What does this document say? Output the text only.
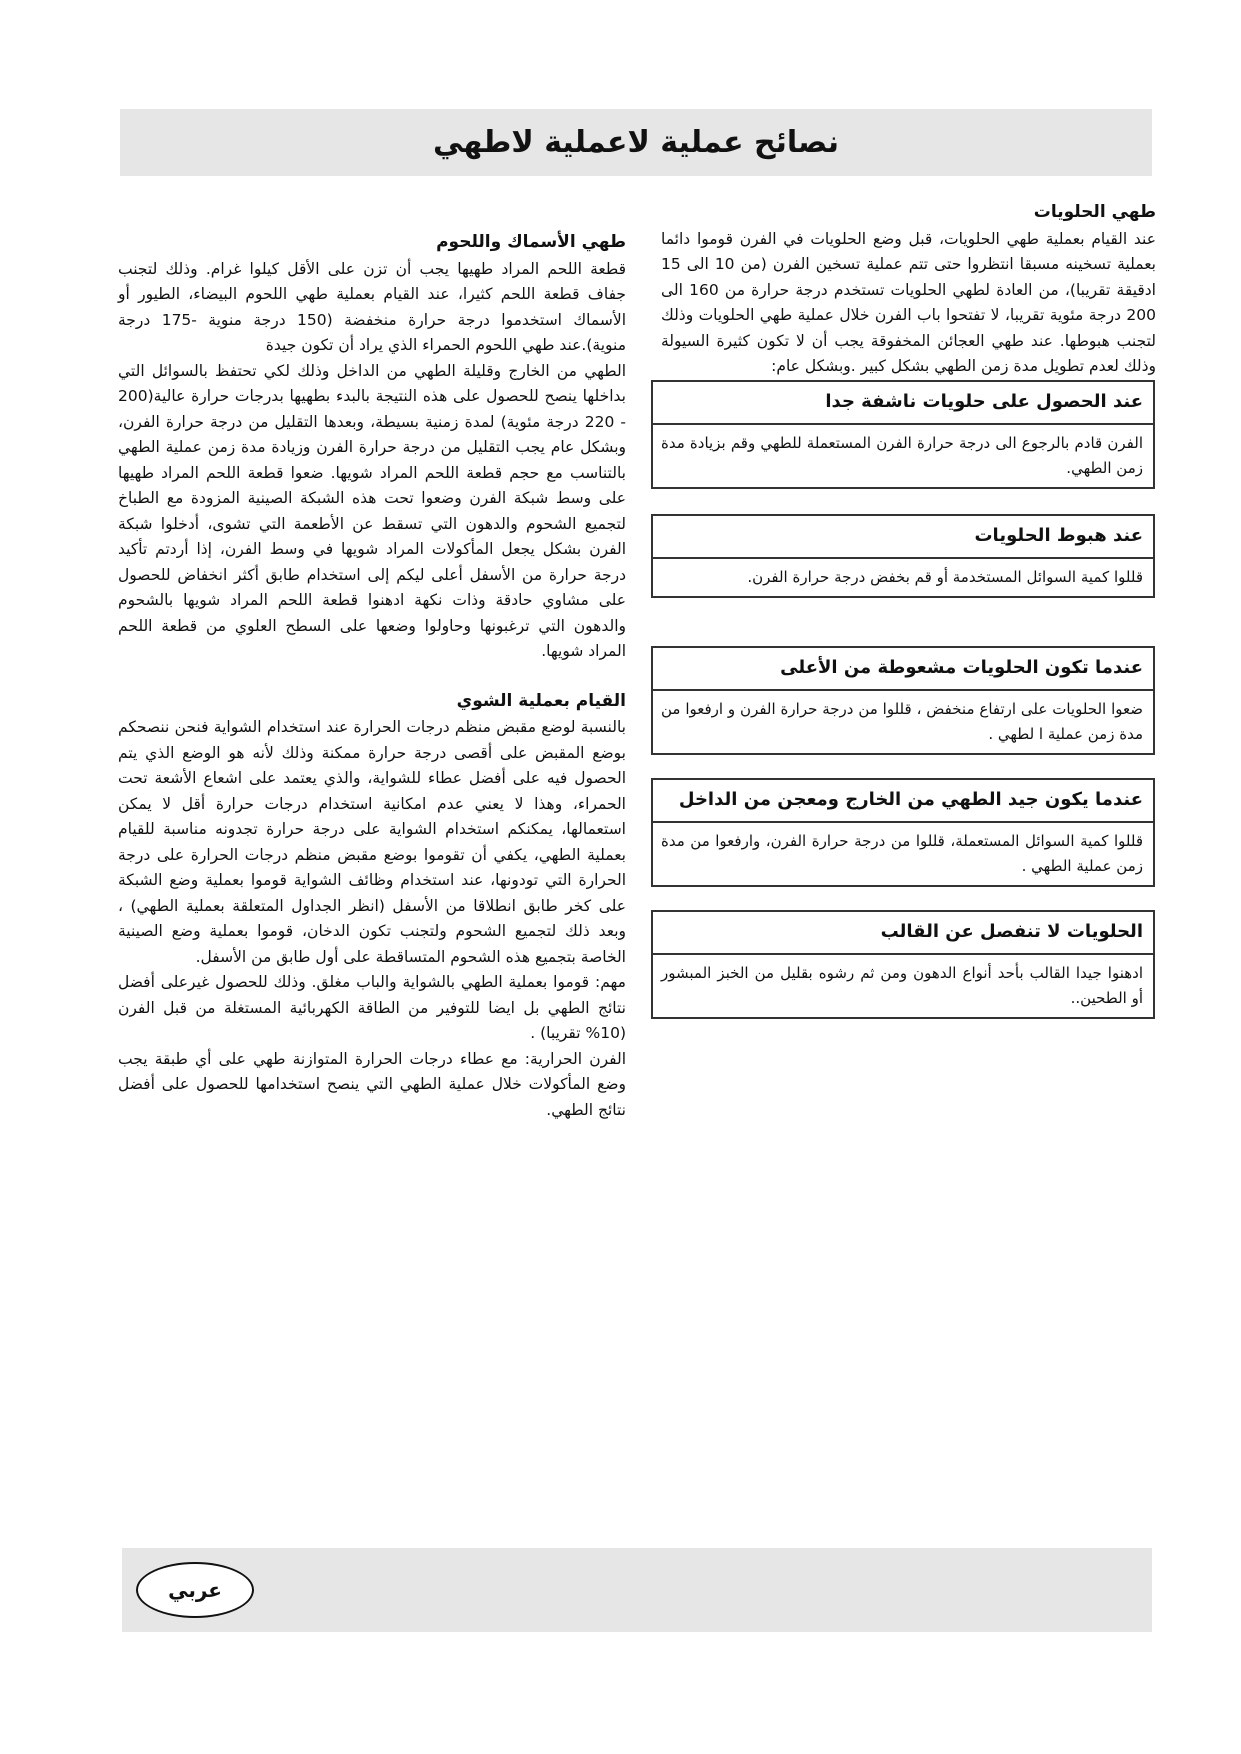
نصائح عملية لاعملية لاطهي
طهي الحلويات

عند القيام بعملية طهي الحلويات، قبل وضع الحلويات في الفرن قوموا دائما بعملية تسخينه مسبقا انتظروا حتى تتم عملية تسخين الفرن (من 10 الى 15 ادقيقة تقريبا)، من العادة لطهي الحلويات تستخدم درجة حرارة من 160 الى 200 درجة مئوية تقريبا، لا تفتحوا باب الفرن خلال عملية طهي الحلويات وذلك لتجنب هبوطها. عند طهي العجائن المخفوقة يجب أن لا تكون كثيرة السيولة وذلك لعدم تطويل مدة زمن الطهي بشكل كبير .وبشكل عام:

عند الحصول على حلويات ناشفة جدا
الفرن قادم بالرجوع الى درجة حرارة الفرن المستعملة للطهي وقم بزيادة مدة زمن الطهي.
عند هبوط الحلويات
قللوا كمية السوائل المستخدمة أو قم بخفض درجة حرارة الفرن.
عندما تكون الحلويات مشعوطة من الأعلى
ضعوا الحلويات على ارتفاع منخفض ، قللوا من درجة حرارة الفرن و ارفعوا من مدة زمن عملية ا لطهي .
عندما يكون جيد الطهي من الخارج ومعجن من الداخل
قللوا كمية السوائل المستعملة، قللوا من درجة حرارة الفرن، وارفعوا من مدة زمن عملية الطهي .
الحلويات لا تنفصل عن القالب
ادهنوا جيدا القالب بأحد أنواع الدهون ومن ثم رشوه بقليل من الخبز المبشور أو الطحين..
طهي الأسماك واللحوم

قطعة اللحم المراد طهيها يجب أن تزن على الأقل كيلوا غرام. وذلك لتجنب جفاف قطعة اللحم كثيرا، عند القيام بعملية طهي اللحوم البيضاء، الطيور أو الأسماك استخدموا درجة حرارة منخفضة (150 درجة منوية -175 درجة منوية).عند طهي اللحوم الحمراء الذي يراد أن تكون جيدة

الطهي من الخارج وقليلة الطهي من الداخل وذلك لكي تحتفظ بالسوائل التي بداخلها ينصح للحصول على هذه النتيجة بالبدء بطهيها بدرجات حرارة عالية(200 - 220 درجة مئوية) لمدة زمنية بسيطة، وبعدها التقليل من درجة حرارة الفرن، وبشكل عام يجب التقليل من درجة حرارة الفرن وزيادة مدة زمن عملية الطهي بالتناسب مع حجم قطعة اللحم المراد شويها. ضعوا قطعة اللحم المراد طهيها على وسط شبكة الفرن وضعوا تحت هذه الشبكة الصينية المزودة مع الطباخ لتجميع الشحوم والدهون التي تسقط عن الأطعمة التي تشوى، أدخلوا شبكة الفرن بشكل يجعل المأكولات المراد شويها في وسط الفرن، إذا أردتم تأكيد درجة حرارة من الأسفل أعلى ليكم إلى استخدام طابق أكثر انخفاض للحصول على مشاوي حادقة وذات نكهة ادهنوا قطعة اللحم المراد شويها بالشحوم والدهون التي ترغبونها وحاولوا وضعها على السطح العلوي من قطعة اللحم المراد شويها.

القيام بعملية الشوي

بالنسبة لوضع مقبض منظم درجات الحرارة عند استخدام الشواية فنحن ننصحكم بوضع المقبض على أقصى درجة حرارة ممكنة وذلك لأنه هو الوضع الذي يتم الحصول فيه على أفضل عطاء للشواية، والذي يعتمد على اشعاع الأشعة تحت الحمراء، وهذا لا يعني عدم امكانية استخدام درجات حرارة أقل لا يمكن استعمالها، يمكنكم استخدام الشواية على درجة حرارة تجدونه مناسبة للقيام بعملية الطهي، يكفي أن تقوموا بوضع مقبض منظم درجات الحرارة على درجة الحرارة التي تودونها، عند استخدام وظائف الشواية قوموا بعملية وضع الشبكة على كخر طابق انطلاقا من الأسفل (انظر الجداول المتعلقة بعملية الطهي) ، وبعد ذلك لتجميع الشحوم ولتجنب تكون الدخان، قوموا بعملية وضع الصينية الخاصة بتجميع هذه الشحوم المتساقطة على أول طابق من الأسفل.

مهم: قوموا بعملية الطهي بالشواية والباب مغلق. وذلك للحصول غيرعلى أفضل نتائج الطهي بل ايضا للتوفير من الطاقة الكهربائية المستغلة من قبل الفرن (10% تقريبا) .

الفرن الحرارية: مع عطاء درجات الحرارة المتوازنة طهي على أي طبقة يجب وضع المأكولات خلال عملية الطهي التي ينصح استخدامها للحصول على أفضل نتائج الطهي.

عربي
